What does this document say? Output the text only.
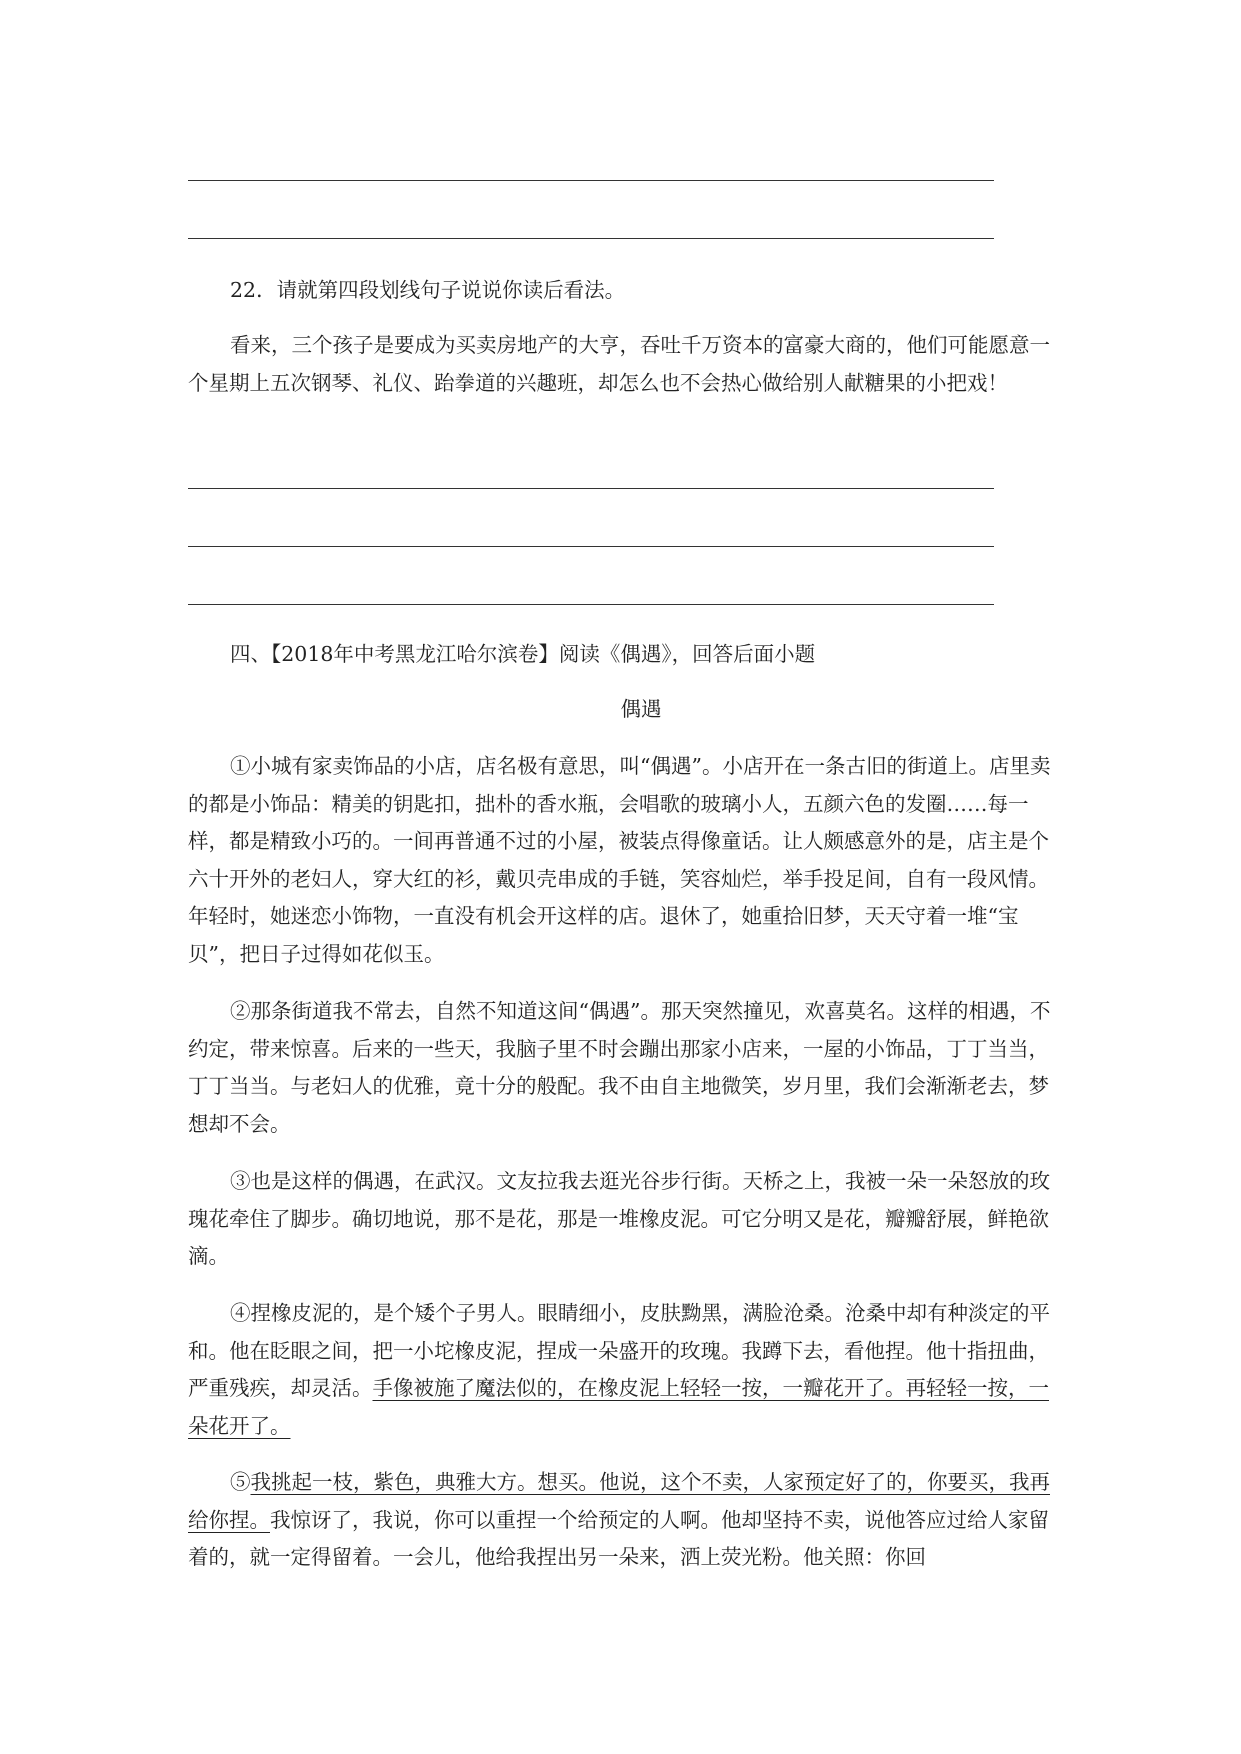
22．请就第四段划线句子说说你读后看法。
看来，三个孩子是要成为买卖房地产的大亨，吞吐千万资本的富豪大商的，他们可能愿意一个星期上五次钢琴、礼仪、跆拳道的兴趣班，却怎么也不会热心做给别人献糖果的小把戏！
四、【2018年中考黑龙江哈尔滨卷】阅读《偶遇》，回答后面小题
偶遇
①小城有家卖饰品的小店，店名极有意思，叫“偶遇”。小店开在一条古旧的街道上。店里卖的都是小饰品：精美的钥匙扣，拙朴的香水瓶，会唱歌的玻璃小人，五颜六色的发圈……每一样，都是精致小巧的。一间再普通不过的小屋，被装点得像童话。让人颇感意外的是，店主是个六十开外的老妇人，穿大红的衫，戴贝壳串成的手链，笑容灿烂，举手投足间，自有一段风情。年轻时，她迷恋小饰物，一直没有机会开这样的店。退休了，她重拾旧梦，天天守着一堆“宝贝”，把日子过得如花似玉。
②那条街道我不常去，自然不知道这间“偶遇”。那天突然撞见，欢喜莫名。这样的相遇，不约定，带来惊喜。后来的一些天，我脑子里不时会蹦出那家小店来，一屋的小饰品，丁丁当当，丁丁当当。与老妇人的优雅，竟十分的般配。我不由自主地微笑，岁月里，我们会渐渐老去，梦想却不会。
③也是这样的偶遇，在武汉。文友拉我去逛光谷步行街。天桥之上，我被一朵一朵怒放的玫瑰花牵住了脚步。确切地说，那不是花，那是一堆橡皮泥。可它分明又是花，瓣瓣舒展，鲜艳欲滴。
④捏橡皮泥的，是个矮个子男人。眼睛细小，皮肤黝黑，满脸沧桑。沧桑中却有种淡定的平和。他在眨眼之间，把一小坨橡皮泥，捏成一朵盛开的玫瑰。我蹲下去，看他捏。他十指扭曲，严重残疾，却灵活。手像被施了魔法似的，在橡皮泥上轻轻一按，一瓣花开了。再轻轻一按，一朵花开了。
⑤我挑起一枝，紫色，典雅大方。想买。他说，这个不卖，人家预定好了的，你要买，我再给你捏。我惊讶了，我说，你可以重捏一个给预定的人啊。他却坚持不卖，说他答应过给人家留着的，就一定得留着。一会儿，他给我捏出另一朵来，洒上荧光粉。他关照：你回
